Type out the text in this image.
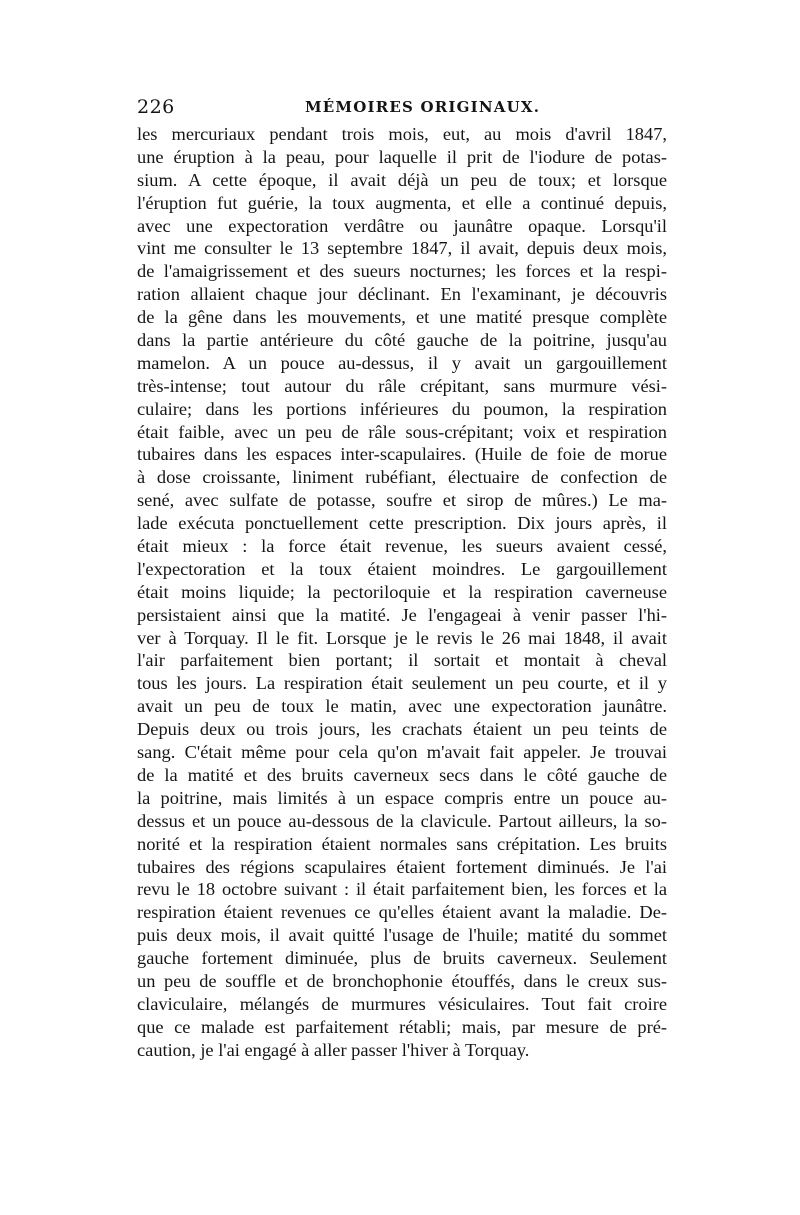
226	MÉMOIRES ORIGINAUX.
les mercuriaux pendant trois mois, eut, au mois d'avril 1847,
une éruption à la peau, pour laquelle il prit de l'iodure de potas-
sium. A cette époque, il avait déjà un peu de toux; et lorsque
l'éruption fut guérie, la toux augmenta, et elle a continué depuis,
avec une expectoration verdâtre ou jaunâtre opaque. Lorsqu'il
vint me consulter le 13 septembre 1847, il avait, depuis deux mois,
de l'amaigrissement et des sueurs nocturnes; les forces et la respi-
ration allaient chaque jour déclinant. En l'examinant, je découvris
de la gêne dans les mouvements, et une matité presque complète
dans la partie antérieure du côté gauche de la poitrine, jusqu'au
mamelon. A un pouce au-dessus, il y avait un gargouillement
très-intense; tout autour du râle crépitant, sans murmure vési-
culaire; dans les portions inférieures du poumon, la respiration
était faible, avec un peu de râle sous-crépitant; voix et respiration
tubaires dans les espaces inter-scapulaires. (Huile de foie de morue
à dose croissante, liniment rubéfiant, électuaire de confection de
sené, avec sulfate de potasse, soufre et sirop de mûres.) Le ma-
lade exécuta ponctuellement cette prescription. Dix jours après, il
était mieux : la force était revenue, les sueurs avaient cessé,
l'expectoration et la toux étaient moindres. Le gargouillement
était moins liquide; la pectoriloquie et la respiration caverneuse
persistaient ainsi que la matité. Je l'engageai à venir passer l'hi-
ver à Torquay. Il le fit. Lorsque je le revis le 26 mai 1848, il avait
l'air parfaitement bien portant; il sortait et montait à cheval
tous les jours. La respiration était seulement un peu courte, et il y
avait un peu de toux le matin, avec une expectoration jaunâtre.
Depuis deux ou trois jours, les crachats étaient un peu teints de
sang. C'était même pour cela qu'on m'avait fait appeler. Je trouvai
de la matité et des bruits caverneux secs dans le côté gauche de
la poitrine, mais limités à un espace compris entre un pouce au-
dessus et un pouce au-dessous de la clavicule. Partout ailleurs, la so-
norité et la respiration étaient normales sans crépitation. Les bruits
tubaires des régions scapulaires étaient fortement diminués. Je l'ai
revu le 18 octobre suivant : il était parfaitement bien, les forces et la
respiration étaient revenues ce qu'elles étaient avant la maladie. De-
puis deux mois, il avait quitté l'usage de l'huile; matité du sommet
gauche fortement diminuée, plus de bruits caverneux. Seulement
un peu de souffle et de bronchophonie étouffés, dans le creux sus-
claviculaire, mélangés de murmures vésiculaires. Tout fait croire
que ce malade est parfaitement rétabli; mais, par mesure de pré-
caution, je l'ai engagé à aller passer l'hiver à Torquay.
